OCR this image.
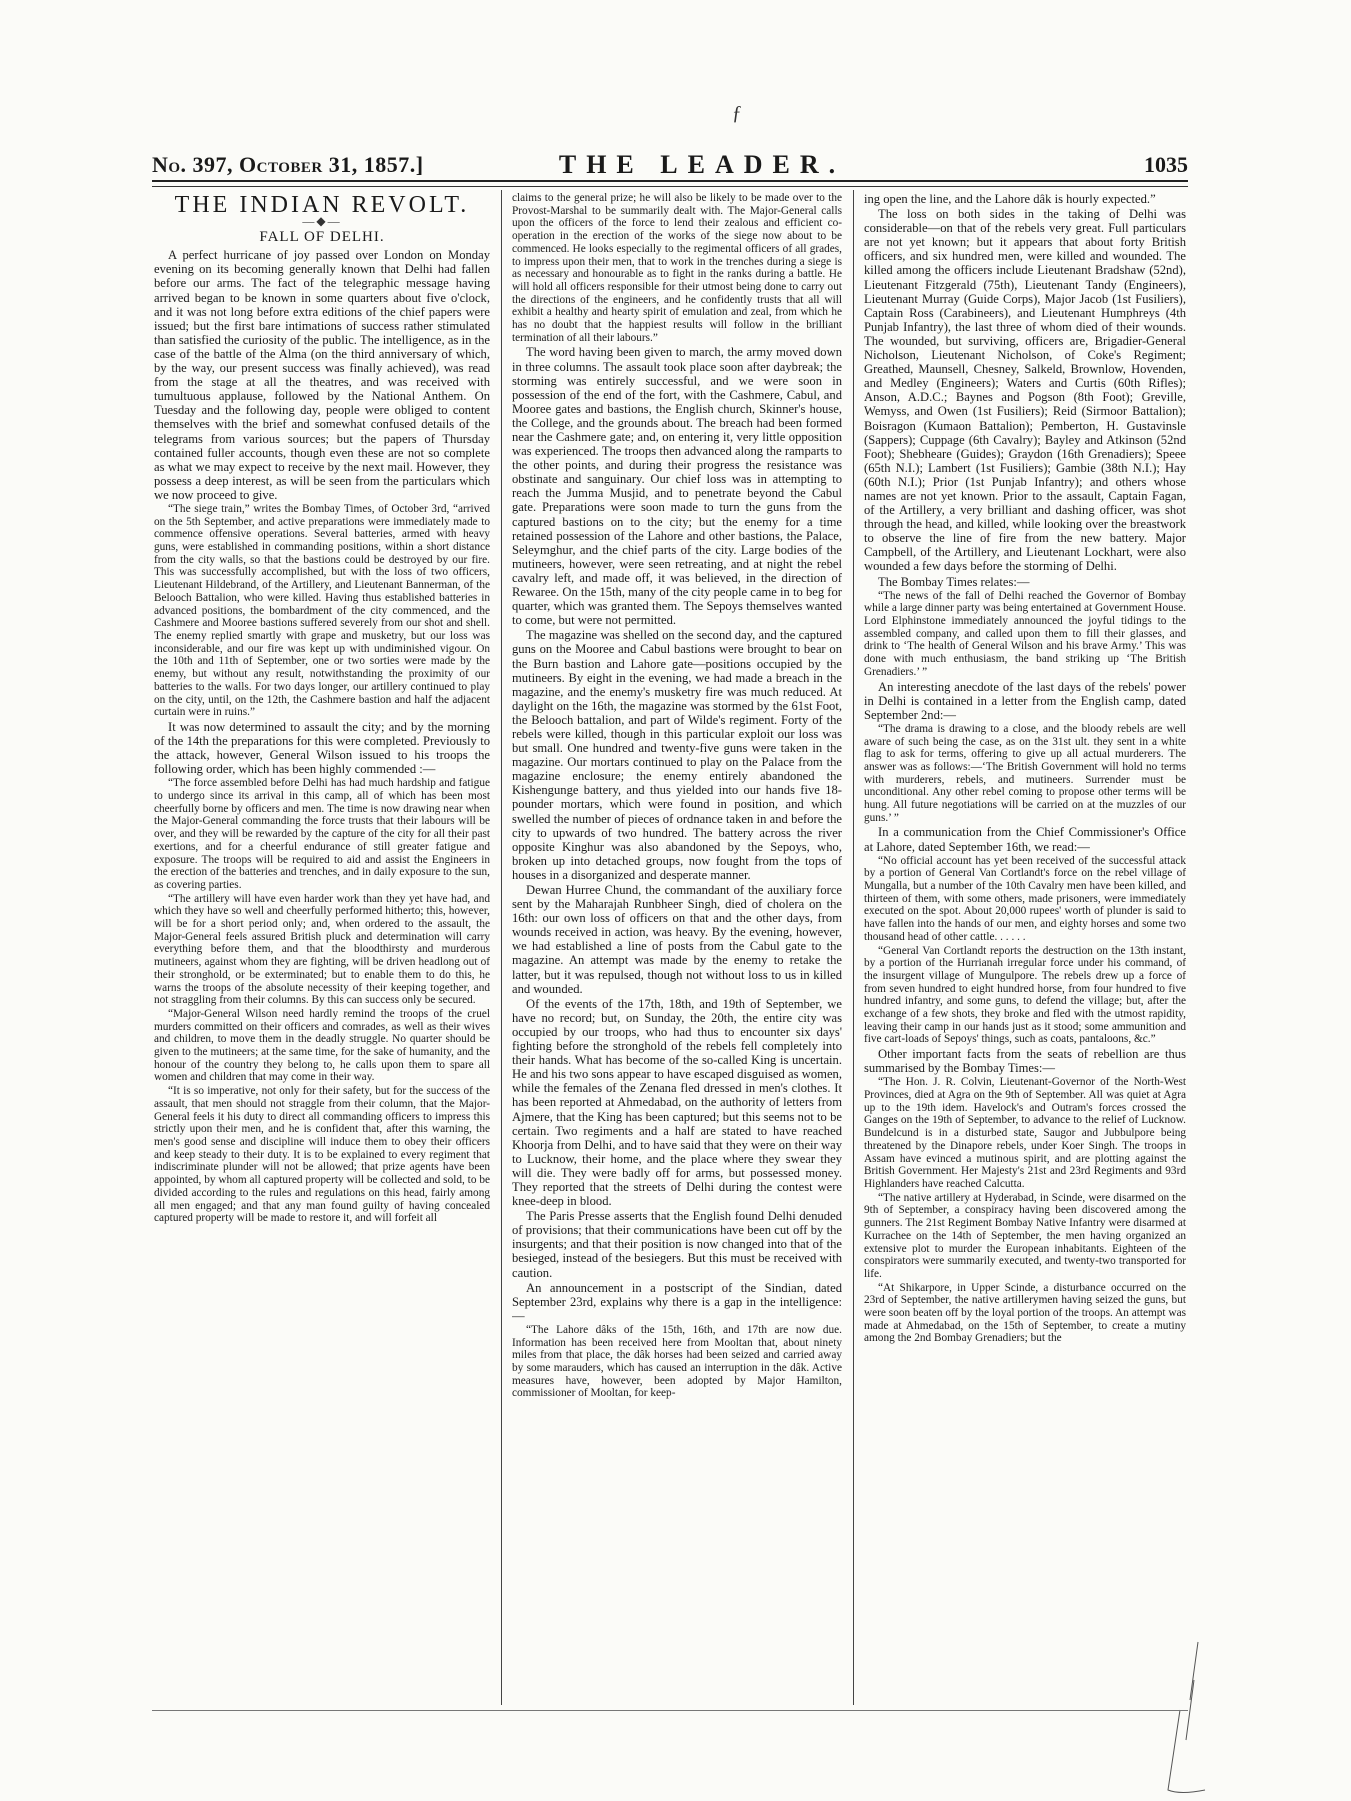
ƒ
No. 397, October 31, 1857.]	THE LEADER.	1035
THE INDIAN REVOLT.
—◆—
FALL OF DELHI.

A perfect hurricane of joy passed over London on Monday evening on its becoming generally known that Delhi had fallen before our arms. The fact of the telegraphic message having arrived began to be known in some quarters about five o'clock, and it was not long before extra editions of the chief papers were issued; but the first bare intimations of success rather stimulated than satisfied the curiosity of the public. The intelligence, as in the case of the battle of the Alma (on the third anniversary of which, by the way, our present success was finally achieved), was read from the stage at all the theatres, and was received with tumultuous applause, followed by the National Anthem. On Tuesday and the following day, people were obliged to content themselves with the brief and somewhat confused details of the telegrams from various sources; but the papers of Thursday contained fuller accounts, though even these are not so complete as what we may expect to receive by the next mail. However, they possess a deep interest, as will be seen from the particulars which we now proceed to give.

“The siege train,” writes the Bombay Times, of October 3rd, “arrived on the 5th September, and active preparations were immediately made to commence offensive operations. Several batteries, armed with heavy guns, were established in commanding positions, within a short distance from the city walls, so that the bastions could be destroyed by our fire. This was successfully accomplished, but with the loss of two officers, Lieutenant Hildebrand, of the Artillery, and Lieutenant Bannerman, of the Belooch Battalion, who were killed. Having thus established batteries in advanced positions, the bombardment of the city commenced, and the Cashmere and Mooree bastions suffered severely from our shot and shell. The enemy replied smartly with grape and musketry, but our loss was inconsiderable, and our fire was kept up with undiminished vigour. On the 10th and 11th of September, one or two sorties were made by the enemy, but without any result, notwithstanding the proximity of our batteries to the walls. For two days longer, our artillery continued to play on the city, until, on the 12th, the Cashmere bastion and half the adjacent curtain were in ruins.”

It was now determined to assault the city; and by the morning of the 14th the preparations for this were completed. Previously to the attack, however, General Wilson issued to his troops the following order, which has been highly commended :—

“The force assembled before Delhi has had much hardship and fatigue to undergo since its arrival in this camp, all of which has been most cheerfully borne by officers and men. The time is now drawing near when the Major-General commanding the force trusts that their labours will be over, and they will be rewarded by the capture of the city for all their past exertions, and for a cheerful endurance of still greater fatigue and exposure. The troops will be required to aid and assist the Engineers in the erection of the batteries and trenches, and in daily exposure to the sun, as covering parties.

“The artillery will have even harder work than they yet have had, and which they have so well and cheerfully performed hitherto; this, however, will be for a short period only; and, when ordered to the assault, the Major-General feels assured British pluck and determination will carry everything before them, and that the bloodthirsty and murderous mutineers, against whom they are fighting, will be driven headlong out of their stronghold, or be exterminated; but to enable them to do this, he warns the troops of the absolute necessity of their keeping together, and not straggling from their columns. By this can success only be secured.

“Major-General Wilson need hardly remind the troops of the cruel murders committed on their officers and comrades, as well as their wives and children, to move them in the deadly struggle. No quarter should be given to the mutineers; at the same time, for the sake of humanity, and the honour of the country they belong to, he calls upon them to spare all women and children that may come in their way.

“It is so imperative, not only for their safety, but for the success of the assault, that men should not straggle from their column, that the Major-General feels it his duty to direct all commanding officers to impress this strictly upon their men, and he is confident that, after this warning, the men's good sense and discipline will induce them to obey their officers and keep steady to their duty. It is to be explained to every regiment that indiscriminate plunder will not be allowed; that prize agents have been appointed, by whom all captured property will be collected and sold, to be divided according to the rules and regulations on this head, fairly among all men engaged; and that any man found guilty of having concealed captured property will be made to restore it, and will forfeit all

claims to the general prize; he will also be likely to be made over to the Provost-Marshal to be summarily dealt with. The Major-General calls upon the officers of the force to lend their zealous and efficient co-operation in the erection of the works of the siege now about to be commenced. He looks especially to the regimental officers of all grades, to impress upon their men, that to work in the trenches during a siege is as necessary and honourable as to fight in the ranks during a battle. He will hold all officers responsible for their utmost being done to carry out the directions of the engineers, and he confidently trusts that all will exhibit a healthy and hearty spirit of emulation and zeal, from which he has no doubt that the happiest results will follow in the brilliant termination of all their labours.”

The word having been given to march, the army moved down in three columns. The assault took place soon after daybreak; the storming was entirely successful, and we were soon in possession of the end of the fort, with the Cashmere, Cabul, and Mooree gates and bastions, the English church, Skinner's house, the College, and the grounds about. The breach had been formed near the Cashmere gate; and, on entering it, very little opposition was experienced. The troops then advanced along the ramparts to the other points, and during their progress the resistance was obstinate and sanguinary. Our chief loss was in attempting to reach the Jumma Musjid, and to penetrate beyond the Cabul gate. Preparations were soon made to turn the guns from the captured bastions on to the city; but the enemy for a time retained possession of the Lahore and other bastions, the Palace, Seleymghur, and the chief parts of the city. Large bodies of the mutineers, however, were seen retreating, and at night the rebel cavalry left, and made off, it was believed, in the direction of Rewaree. On the 15th, many of the city people came in to beg for quarter, which was granted them. The Sepoys themselves wanted to come, but were not permitted.

The magazine was shelled on the second day, and the captured guns on the Mooree and Cabul bastions were brought to bear on the Burn bastion and Lahore gate—positions occupied by the mutineers. By eight in the evening, we had made a breach in the magazine, and the enemy's musketry fire was much reduced. At daylight on the 16th, the magazine was stormed by the 61st Foot, the Belooch battalion, and part of Wilde's regiment. Forty of the rebels were killed, though in this particular exploit our loss was but small. One hundred and twenty-five guns were taken in the magazine. Our mortars continued to play on the Palace from the magazine enclosure; the enemy entirely abandoned the Kishengunge battery, and thus yielded into our hands five 18-pounder mortars, which were found in position, and which swelled the number of pieces of ordnance taken in and before the city to upwards of two hundred. The battery across the river opposite Kinghur was also abandoned by the Sepoys, who, broken up into detached groups, now fought from the tops of houses in a disorganized and desperate manner.

Dewan Hurree Chund, the commandant of the auxiliary force sent by the Maharajah Runbheer Singh, died of cholera on the 16th: our own loss of officers on that and the other days, from wounds received in action, was heavy. By the evening, however, we had established a line of posts from the Cabul gate to the magazine. An attempt was made by the enemy to retake the latter, but it was repulsed, though not without loss to us in killed and wounded.

Of the events of the 17th, 18th, and 19th of September, we have no record; but, on Sunday, the 20th, the entire city was occupied by our troops, who had thus to encounter six days' fighting before the stronghold of the rebels fell completely into their hands. What has become of the so-called King is uncertain. He and his two sons appear to have escaped disguised as women, while the females of the Zenana fled dressed in men's clothes. It has been reported at Ahmedabad, on the authority of letters from Ajmere, that the King has been captured; but this seems not to be certain. Two regiments and a half are stated to have reached Khoorja from Delhi, and to have said that they were on their way to Lucknow, their home, and the place where they swear they will die. They were badly off for arms, but possessed money. They reported that the streets of Delhi during the contest were knee-deep in blood.

The Paris Presse asserts that the English found Delhi denuded of provisions; that their communications have been cut off by the insurgents; and that their position is now changed into that of the besieged, instead of the besiegers. But this must be received with caution.

An announcement in a postscript of the Sindian, dated September 23rd, explains why there is a gap in the intelligence:—

“The Lahore dâks of the 15th, 16th, and 17th are now due. Information has been received here from Mooltan that, about ninety miles from that place, the dâk horses had been seized and carried away by some marauders, which has caused an interruption in the dâk. Active measures have, however, been adopted by Major Hamilton, commissioner of Mooltan, for keep-

ing open the line, and the Lahore dâk is hourly expected.”

The loss on both sides in the taking of Delhi was considerable—on that of the rebels very great. Full particulars are not yet known; but it appears that about forty British officers, and six hundred men, were killed and wounded. The killed among the officers include Lieutenant Bradshaw (52nd), Lieutenant Fitzgerald (75th), Lieutenant Tandy (Engineers), Lieutenant Murray (Guide Corps), Major Jacob (1st Fusiliers), Captain Ross (Carabineers), and Lieutenant Humphreys (4th Punjab Infantry), the last three of whom died of their wounds. The wounded, but surviving, officers are, Brigadier-General Nicholson, Lieutenant Nicholson, of Coke's Regiment; Greathed, Maunsell, Chesney, Salkeld, Brownlow, Hovenden, and Medley (Engineers); Waters and Curtis (60th Rifles); Anson, A.D.C.; Baynes and Pogson (8th Foot); Greville, Wemyss, and Owen (1st Fusiliers); Reid (Sirmoor Battalion); Boisragon (Kumaon Battalion); Pemberton, H. Gustavinsle (Sappers); Cuppage (6th Cavalry); Bayley and Atkinson (52nd Foot); Shebheare (Guides); Graydon (16th Grenadiers); Speee (65th N.I.); Lambert (1st Fusiliers); Gambie (38th N.I.); Hay (60th N.I.); Prior (1st Punjab Infantry); and others whose names are not yet known. Prior to the assault, Captain Fagan, of the Artillery, a very brilliant and dashing officer, was shot through the head, and killed, while looking over the breastwork to observe the line of fire from the new battery. Major Campbell, of the Artillery, and Lieutenant Lockhart, were also wounded a few days before the storming of Delhi.

The Bombay Times relates:—

“The news of the fall of Delhi reached the Governor of Bombay while a large dinner party was being entertained at Government House. Lord Elphinstone immediately announced the joyful tidings to the assembled company, and called upon them to fill their glasses, and drink to ‘The health of General Wilson and his brave Army.’ This was done with much enthusiasm, the band striking up ‘The British Grenadiers.’ ”

An interesting anecdote of the last days of the rebels' power in Delhi is contained in a letter from the English camp, dated September 2nd:—

“The drama is drawing to a close, and the bloody rebels are well aware of such being the case, as on the 31st ult. they sent in a white flag to ask for terms, offering to give up all actual murderers. The answer was as follows:—‘The British Government will hold no terms with murderers, rebels, and mutineers. Surrender must be unconditional. Any other rebel coming to propose other terms will be hung. All future negotiations will be carried on at the muzzles of our guns.’ ”

In a communication from the Chief Commissioner's Office at Lahore, dated September 16th, we read:—

“No official account has yet been received of the successful attack by a portion of General Van Cortlandt's force on the rebel village of Mungalla, but a number of the 10th Cavalry men have been killed, and thirteen of them, with some others, made prisoners, were immediately executed on the spot. About 20,000 rupees' worth of plunder is said to have fallen into the hands of our men, and eighty horses and some two thousand head of other cattle. . . . . .

“General Van Cortlandt reports the destruction on the 13th instant, by a portion of the Hurrianah irregular force under his command, of the insurgent village of Mungulpore. The rebels drew up a force of from seven hundred to eight hundred horse, from four hundred to five hundred infantry, and some guns, to defend the village; but, after the exchange of a few shots, they broke and fled with the utmost rapidity, leaving their camp in our hands just as it stood; some ammunition and five cart-loads of Sepoys' things, such as coats, pantaloons, &c.”

Other important facts from the seats of rebellion are thus summarised by the Bombay Times:—

“The Hon. J. R. Colvin, Lieutenant-Governor of the North-West Provinces, died at Agra on the 9th of September. All was quiet at Agra up to the 19th idem. Havelock's and Outram's forces crossed the Ganges on the 19th of September, to advance to the relief of Lucknow. Bundelcund is in a disturbed state, Saugor and Jubbulpore being threatened by the Dinapore rebels, under Koer Singh. The troops in Assam have evinced a mutinous spirit, and are plotting against the British Government. Her Majesty's 21st and 23rd Regiments and 93rd Highlanders have reached Calcutta.

“The native artillery at Hyderabad, in Scinde, were disarmed on the 9th of September, a conspiracy having been discovered among the gunners. The 21st Regiment Bombay Native Infantry were disarmed at Kurrachee on the 14th of September, the men having organized an extensive plot to murder the European inhabitants. Eighteen of the conspirators were summarily executed, and twenty-two transported for life.

“At Shikarpore, in Upper Scinde, a disturbance occurred on the 23rd of September, the native artillerymen having seized the guns, but were soon beaten off by the loyal portion of the troops. An attempt was made at Ahmedabad, on the 15th of September, to create a mutiny among the 2nd Bombay Grenadiers; but the
